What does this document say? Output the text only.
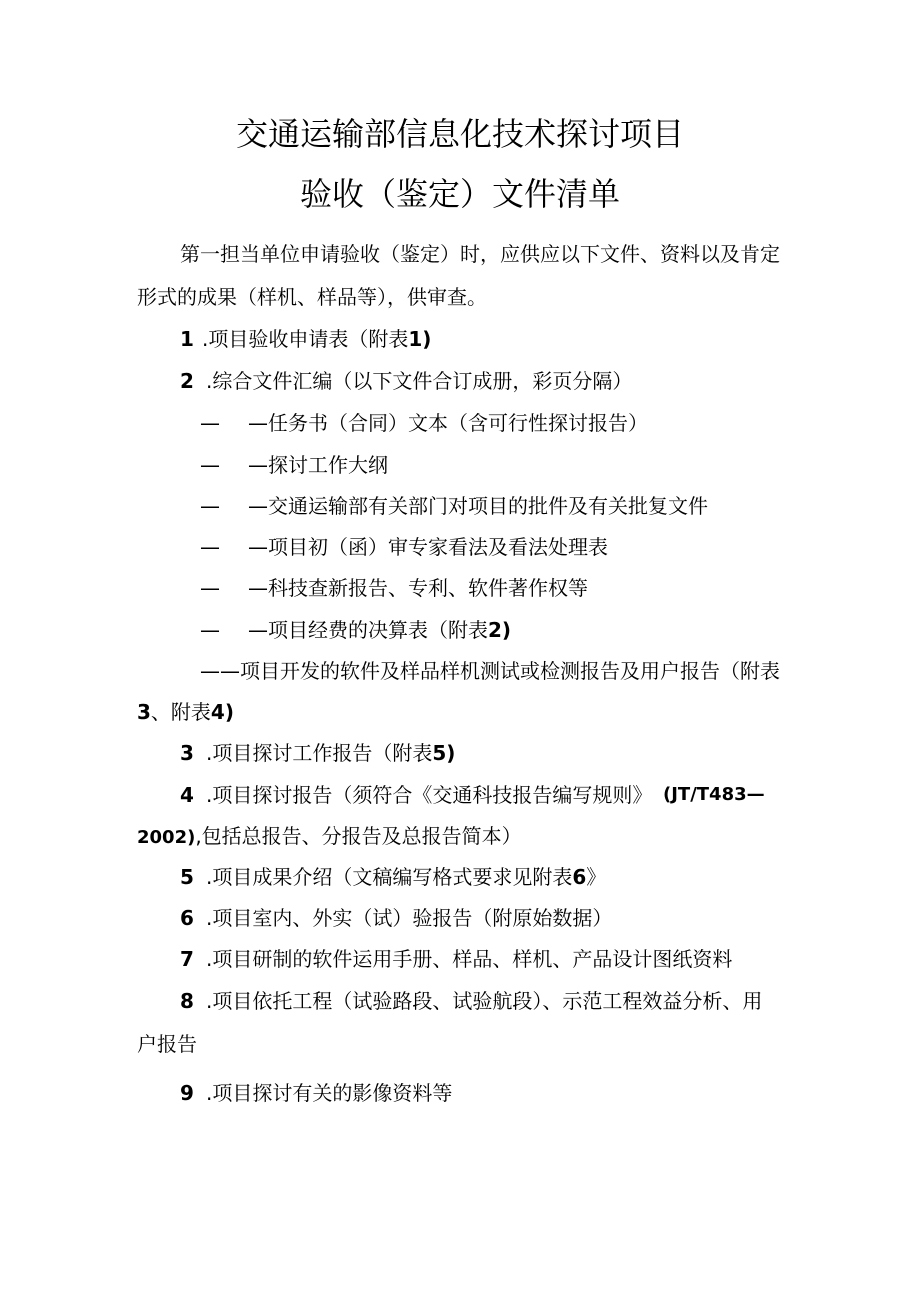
交通运输部信息化技术探讨项目
验收（鉴定）文件清单
第一担当单位申请验收（鉴定）时，应供应以下文件、资料以及肯定
形式的成果（样机、样品等），供审查。
1 .项目验收申请表（附表1)
2 .综合文件汇编（以下文件合订成册，彩页分隔）
— —任务书（合同）文本（含可行性探讨报告）
— —探讨工作大纲
— —交通运输部有关部门对项目的批件及有关批复文件
— —项目初（函）审专家看法及看法处理表
— —科技查新报告、专利、软件著作权等
— —项目经费的决算表（附表2)
——项目开发的软件及样品样机测试或检测报告及用户报告（附表
3、附表4)
3 .项目探讨工作报告（附表5)
4 .项目探讨报告（须符合《交通科技报告编写规则》 (JT/T483—
2002),包括总报告、分报告及总报告简本）
5 .项目成果介绍（文稿编写格式要求见附表6》
6 .项目室内、外实（试）验报告（附原始数据）
7 .项目研制的软件运用手册、样品、样机、产品设计图纸资料
8 .项目依托工程（试验路段、试验航段）、示范工程效益分析、用
户报告
9 .项目探讨有关的影像资料等
